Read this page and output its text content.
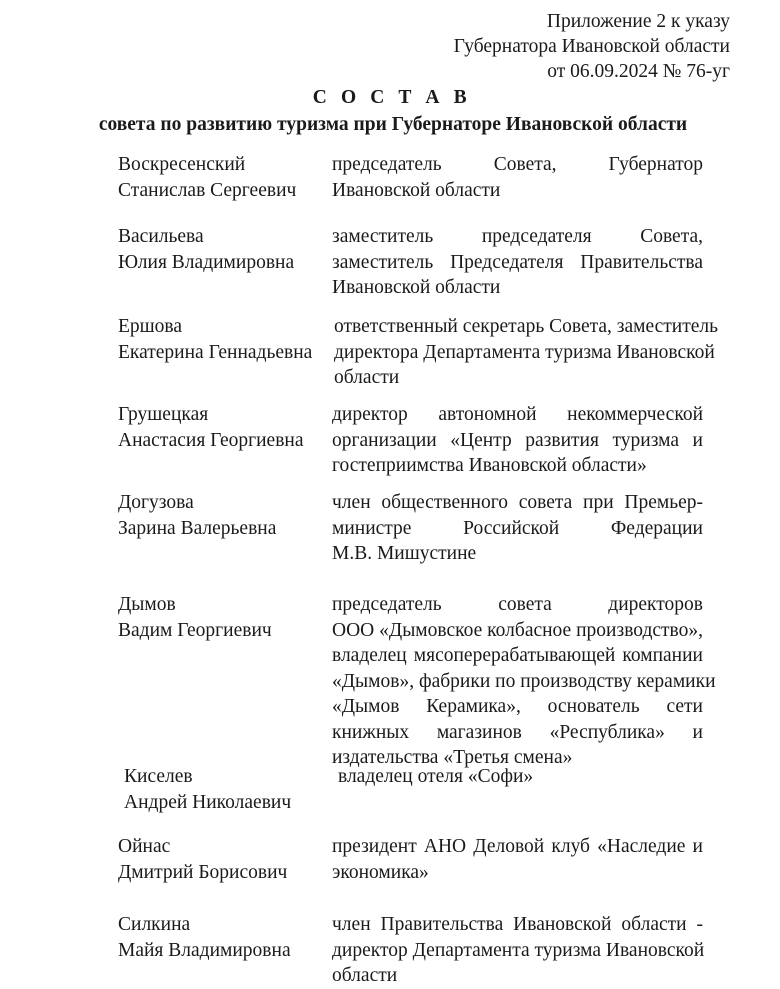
Приложение 2 к указу
Губернатора Ивановской области
от 06.09.2024 № 76-уг
С О С Т А В
совета по развитию туризма при Губернаторе Ивановской области
Воскресенский
Станислав Сергеевич
председатель Совета, Губернатор
Ивановской области
Васильева
Юлия Владимировна
заместитель председателя Совета,
заместитель Председателя Правительства
Ивановской области
Ершова
Екатерина Геннадьевна
ответственный секретарь Совета, заместитель
директора Департамента туризма Ивановской
области
Грушецкая
Анастасия Георгиевна
директор автономной некоммерческой
организации «Центр развития туризма и
гостеприимства Ивановской области»
Догузова
Зарина Валерьевна
член общественного совета при Премьер-
министре Российской Федерации
М.В. Мишустине
Дымов
Вадим Георгиевич
председатель совета директоров
ООО «Дымовское колбасное производство»,
владелец мясоперерабатывающей компании
«Дымов», фабрики по производству керамики
«Дымов Керамика», основатель сети
книжных магазинов «Республика» и
издательства «Третья смена»
Киселев
Андрей Николаевич
владелец отеля «Софи»
Ойнас
Дмитрий Борисович
президент АНО Деловой клуб «Наследие и
экономика»
Силкина
Майя Владимировна
член Правительства Ивановской области -
директор Департамента туризма Ивановской
области
